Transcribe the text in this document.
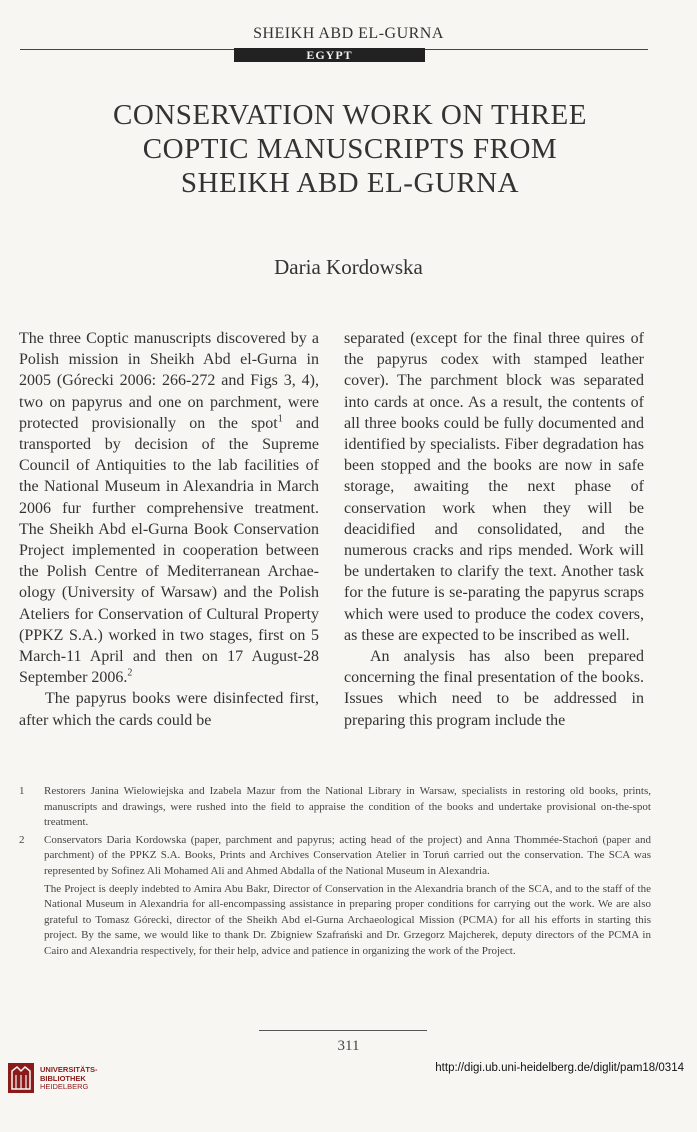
SHEIKH ABD EL-GURNA
EGYPT
CONSERVATION WORK ON THREE
COPTIC MANUSCRIPTS FROM
SHEIKH ABD EL-GURNA
Daria Kordowska

The three Coptic manuscripts discovered by a Polish mission in Sheikh Abd el-Gurna in 2005 (Górecki 2006: 266-272 and Figs 3, 4), two on papyrus and one on parchment, were protected provisionally on the spot$^1$ and transported by decision of the Supreme Council of Antiquities to the lab facilities of the National Museum in Alexandria in March 2006 fur further comprehensive treatment. The Sheikh Abd el-Gurna Book Conservation Project implemented in cooperation between the Polish Centre of Mediterranean Archae-ology (University of Warsaw) and the Polish Ateliers for Conservation of Cultural Property (PPKZ S.A.) worked in two stages, first on 5 March-11 April and then on 17 August-28 September 2006.$^2$

The papyrus books were disinfected first, after which the cards could be

separated (except for the final three quires of the papyrus codex with stamped leather cover). The parchment block was separated into cards at once. As a result, the contents of all three books could be fully documented and identified by specialists. Fiber degradation has been stopped and the books are now in safe storage, awaiting the next phase of conservation work when they will be deacidified and consolidated, and the numerous cracks and rips mended. Work will be undertaken to clarify the text. Another task for the future is se-parating the papyrus scraps which were used to produce the codex covers, as these are expected to be inscribed as well.

An analysis has also been prepared concerning the final presentation of the books. Issues which need to be addressed in preparing this program include the

1	Restorers Janina Wielowiejska and Izabela Mazur from the National Library in Warsaw, specialists in restoring old books, prints, manuscripts and drawings, were rushed into the field to appraise the condition of the books and undertake provisional on-the-spot treatment.
2	Conservators Daria Kordowska (paper, parchment and papyrus; acting head of the project) and Anna Thommée-Stachoń (paper and parchment) of the PPKZ S.A. Books, Prints and Archives Conservation Atelier in Toruń carried out the conservation. The SCA was represented by Sofinez Ali Mohamed Ali and Ahmed Abdalla of the National Museum in Alexandria.
The Project is deeply indebted to Amira Abu Bakr, Director of Conservation in the Alexandria branch of the SCA, and to the staff of the National Museum in Alexandria for all-encompassing assistance in preparing proper conditions for carrying out the work. We are also grateful to Tomasz Górecki, director of the Sheikh Abd el-Gurna Archaeological Mission (PCMA) for all his efforts in starting this project. By the same, we would like to thank Dr. Zbigniew Szafrański and Dr. Grzegorz Majcherek, deputy directors of the PCMA in Cairo and Alexandria respectively, for their help, advice and patience in organizing the work of the Project.
311
UNIVERSITÄTS-
BIBLIOTHEK
HEIDELBERG
http://digi.ub.uni-heidelberg.de/diglit/pam18/0314
